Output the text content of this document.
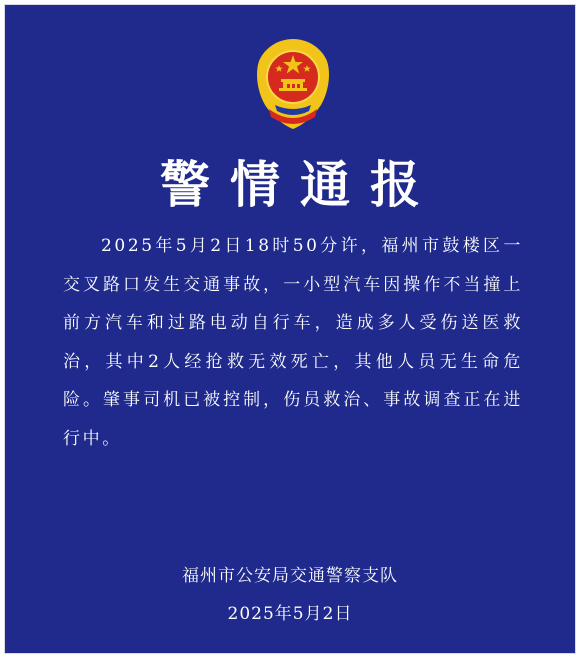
警情通报
2025年5月2日18时50分许，福州市鼓楼区一交叉路口发生交通事故，一小型汽车因操作不当撞上前方汽车和过路电动自行车，造成多人受伤送医救治，其中2人经抢救无效死亡，其他人员无生命危险。肇事司机已被控制，伤员救治、事故调查正在进行中。
福州市公安局交通警察支队
2025年5月2日
